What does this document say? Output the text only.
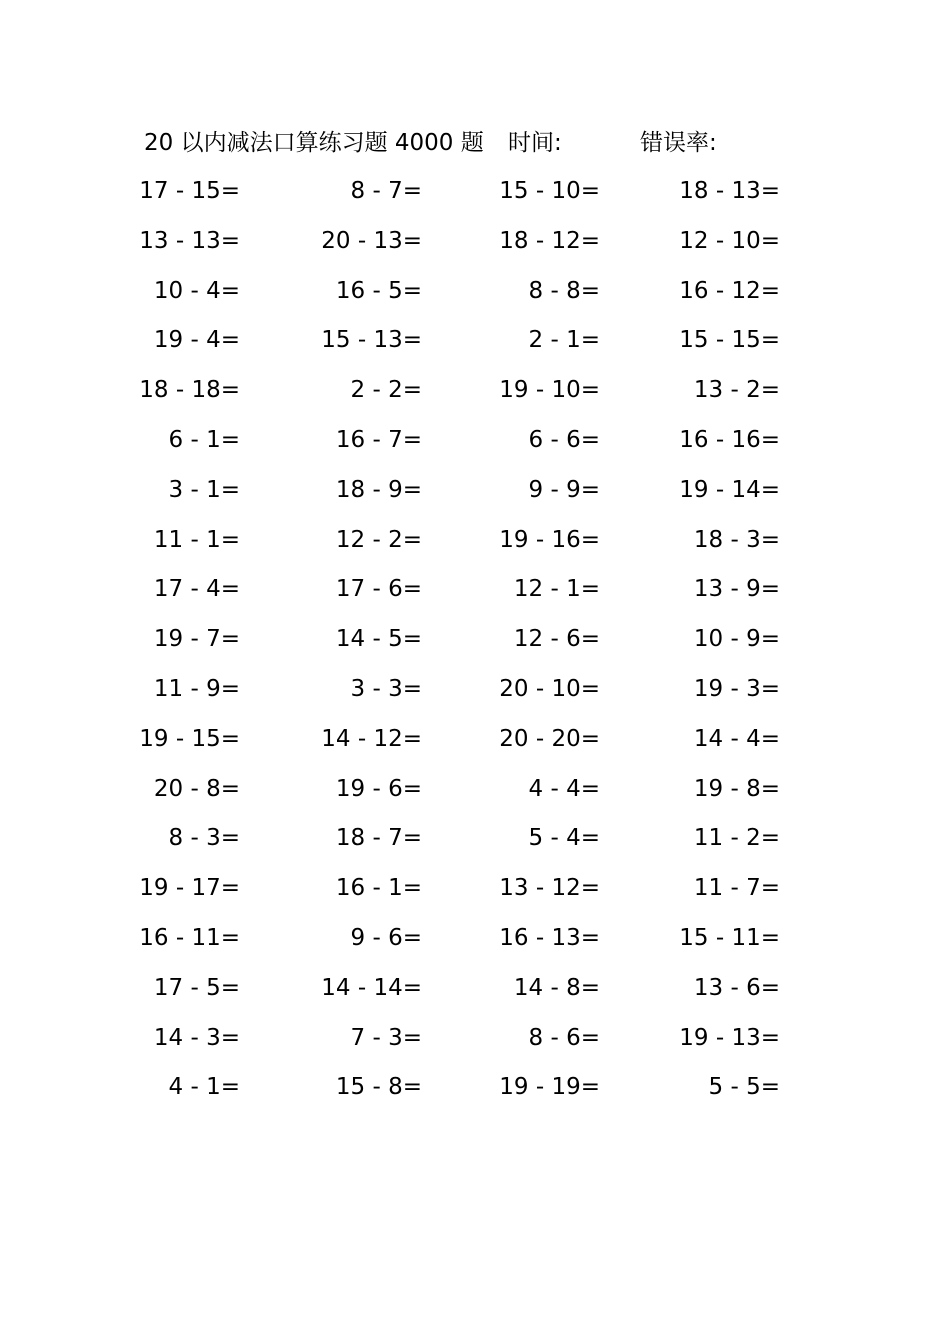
20 以内减法口算练习题 4000 题 时间:	错误率:
17 - 15=	8 - 7=	15 - 10=	18 - 13=
13 - 13=	20 - 13=	18 - 12=	12 - 10=
10 - 4=	16 - 5=	8 - 8=	16 - 12=
19 - 4=	15 - 13=	2 - 1=	15 - 15=
18 - 18=	2 - 2=	19 - 10=	13 - 2=
6 - 1=	16 - 7=	6 - 6=	16 - 16=
3 - 1=	18 - 9=	9 - 9=	19 - 14=
11 - 1=	12 - 2=	19 - 16=	18 - 3=
17 - 4=	17 - 6=	12 - 1=	13 - 9=
19 - 7=	14 - 5=	12 - 6=	10 - 9=
11 - 9=	3 - 3=	20 - 10=	19 - 3=
19 - 15=	14 - 12=	20 - 20=	14 - 4=
20 - 8=	19 - 6=	4 - 4=	19 - 8=
8 - 3=	18 - 7=	5 - 4=	11 - 2=
19 - 17=	16 - 1=	13 - 12=	11 - 7=
16 - 11=	9 - 6=	16 - 13=	15 - 11=
17 - 5=	14 - 14=	14 - 8=	13 - 6=
14 - 3=	7 - 3=	8 - 6=	19 - 13=
4 - 1=	15 - 8=	19 - 19=	5 - 5=
